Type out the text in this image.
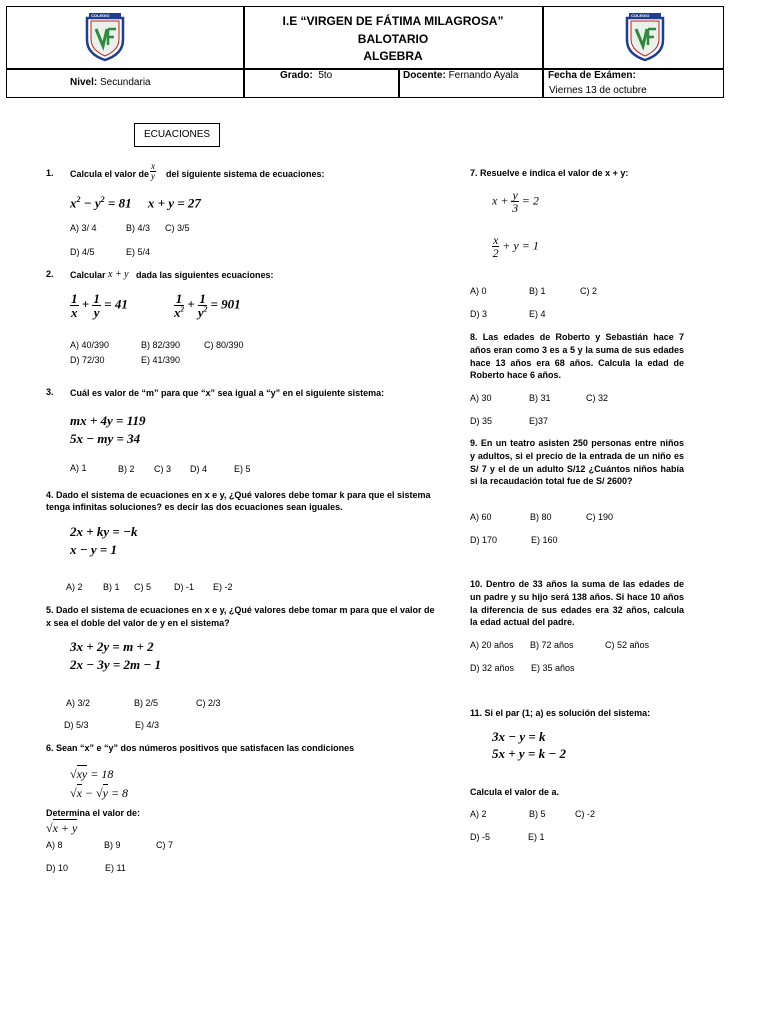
COLEGIO	COLEGIO
I.E “VIRGEN DE FÁTIMA MILAGROSA”
BALOTARIO
ALGEBRA
Nivel: Secundaria
Grado: 5to	Docente: Fernando Ayala	Fecha de Exámen:
Viernes 13 de octubre
ECUACIONES
1. Calcula el valor de $\frac{x}{y}$ del siguiente sistema de ecuaciones:
$x^2 - y^2 = 81$     x + y = 27
A) 3/ 4	B) 4/3 C) 3/5
D) 4/5	E) 5/4
2. Calcular x + y dada las siguientes ecuaciones:
$\frac{1}{x} + \frac{1}{y} = 41$	$\frac{1}{x^2} + \frac{1}{y^2} = 901$
A) 40/390	B) 82/390	C) 80/390
D) 72/30	E) 41/390
3. Cuál es valor de “m” para que “x” sea igual a “y” en el siguiente sistema:
mx + 4y = 119
5x − my = 34
A) 1	B) 2 C) 3 D) 4	E) 5
4. Dado el sistema de ecuaciones en x e y, ¿Qué valores debe tomar k para que el sistema
tenga infinitas soluciones? es decir las dos ecuaciones sean iguales.
2x + ky = −k
x − y = 1
A) 2 B) 1 C) 5	D) -1 E) -2
5. Dado el sistema de ecuaciones en x e y, ¿Qué valores debe tomar m para que el valor de
x sea el doble del valor de y en el sistema?
3x + 2y = m + 2
2x − 3y = 2m − 1
A) 3/2	B) 2/5	C) 2/3
D) 5/3	E) 4/3
6. Sean “x” e “y” dos números positivos que satisfacen las condiciones
√xy = 18
√x − √y = 8
Determina el valor de:
√x + y
A) 8	B) 9	C) 7
D) 10	E) 11
7. Resuelve e indica el valor de x + y:
$x + \frac{y}{3} = 2$
$\frac{x}{2} + y = 1$
A) 0	B) 1	C) 2
D) 3	E) 4
8. Las edades de Roberto y Sebastián hace 7 años eran como 3 es a 5 y la suma de sus edades hace 13 años era 68 años. Calcula la edad de Roberto hace 6 años.
A) 30	B) 31	C) 32
D) 35	E)37
9. En un teatro asisten 250 personas entre niños y adultos, si el precio de la entrada de un niño es S/ 7 y el de un adulto S/12 ¿Cuántos niños había si la recaudación total fue de S/ 2600?
A) 60	B) 80	C) 190
D) 170	E) 160
10. Dentro de 33 años la suma de las edades de un padre y su hijo será 138 años. Si hace 10 años la diferencia de sus edades era 32 años, calcula la edad actual del padre.
A) 20 años B) 72 años	C) 52 años
D) 32 años E) 35 años
11. Si el par (1; a) es solución del sistema:
3x − y = k
5x + y = k − 2
Calcula el valor de a.
A) 2	B) 5	C) -2
D) -5	E) 1
